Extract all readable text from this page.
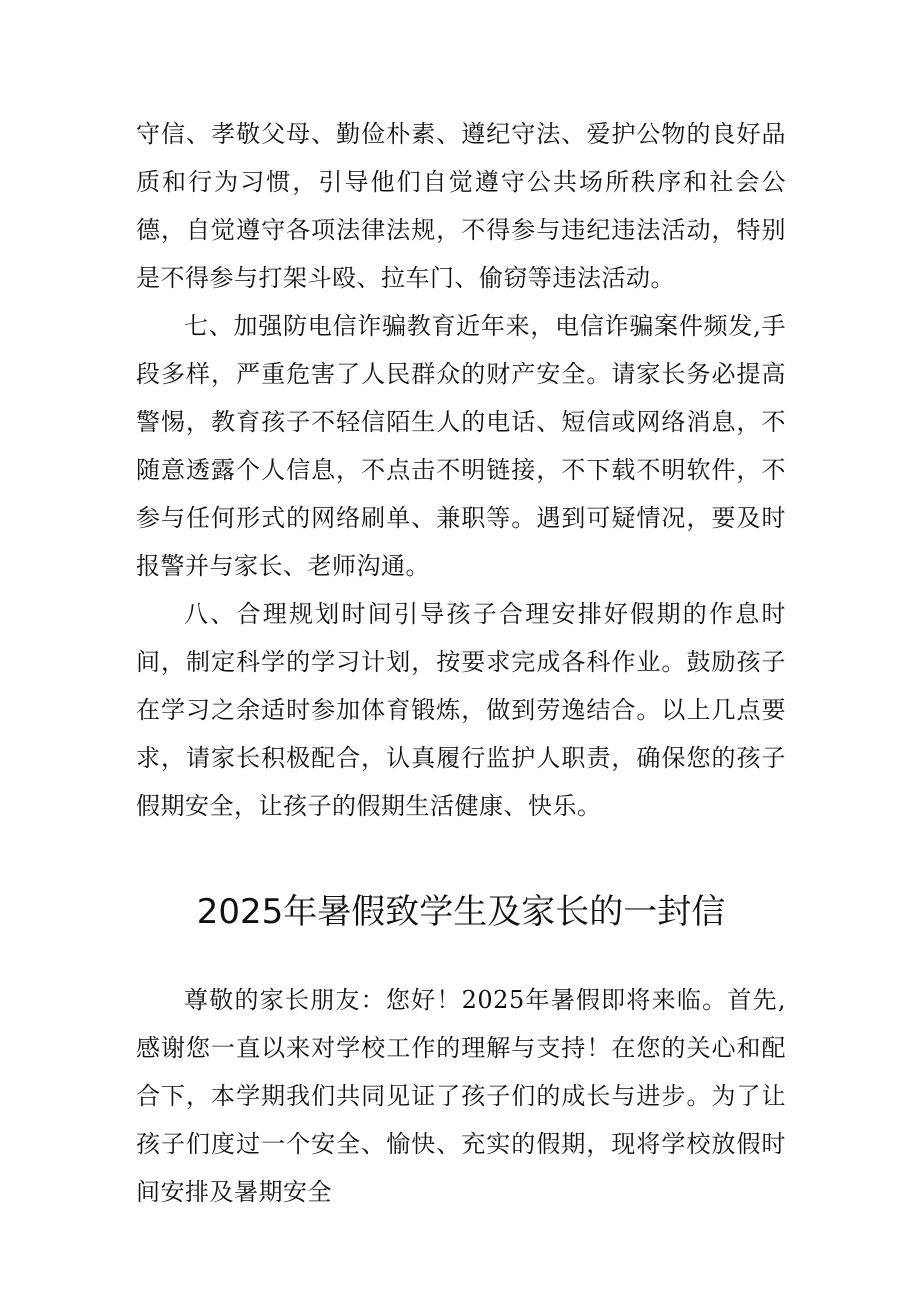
守信、孝敬父母、勤俭朴素、遵纪守法、爱护公物的良好品质和行为习惯，引导他们自觉遵守公共场所秩序和社会公德，自觉遵守各项法律法规，不得参与违纪违法活动，特别是不得参与打架斗殴、拉车门、偷窃等违法活动。

七、加强防电信诈骗教育近年来，电信诈骗案件频发,手段多样，严重危害了人民群众的财产安全。请家长务必提高警惕，教育孩子不轻信陌生人的电话、短信或网络消息，不随意透露个人信息，不点击不明链接，不下载不明软件，不参与任何形式的网络刷单、兼职等。遇到可疑情况，要及时报警并与家长、老师沟通。

八、合理规划时间引导孩子合理安排好假期的作息时间，制定科学的学习计划，按要求完成各科作业。鼓励孩子在学习之余适时参加体育锻炼，做到劳逸结合。以上几点要求，请家长积极配合，认真履行监护人职责，确保您的孩子假期安全，让孩子的假期生活健康、快乐。

2025年暑假致学生及家长的一封信

尊敬的家长朋友：您好！2025年暑假即将来临。首先,感谢您一直以来对学校工作的理解与支持！在您的关心和配合下，本学期我们共同见证了孩子们的成长与进步。为了让孩子们度过一个安全、愉快、充实的假期，现将学校放假时间安排及暑期安全
